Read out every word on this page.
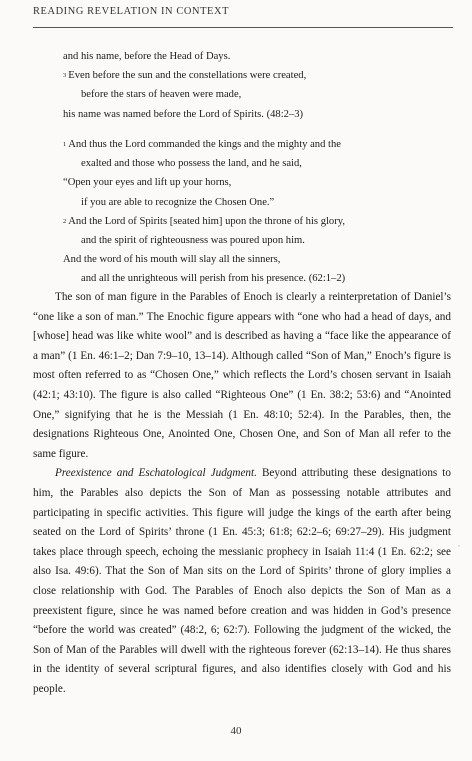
READING REVELATION IN CONTEXT
and his name, before the Head of Days.
$^3$ Even before the sun and the constellations were created,
before the stars of heaven were made,
his name was named before the Lord of Spirits. (48:2–3)
$^1$ And thus the Lord commanded the kings and the mighty and the
exalted and those who possess the land, and he said,
“Open your eyes and lift up your horns,
if you are able to recognize the Chosen One.”
$^2$ And the Lord of Spirits [seated him] upon the throne of his glory,
and the spirit of righteousness was poured upon him.
And the word of his mouth will slay all the sinners,
and all the unrighteous will perish from his presence. (62:1–2)

The son of man figure in the Parables of Enoch is clearly a reinterpretation of Daniel’s “one like a son of man.” The Enochic figure appears with “one who had a head of days, and [whose] head was like white wool” and is described as having a “face like the appearance of a man” (1 En. 46:1–2; Dan 7:9–10, 13–14). Although called “Son of Man,” Enoch’s figure is most often referred to as “Chosen One,” which reflects the Lord’s chosen servant in Isaiah (42:1; 43:10). The figure is also called “Righteous One” (1 En. 38:2; 53:6) and “Anointed One,” signifying that he is the Messiah (1 En. 48:10; 52:4). In the Parables, then, the designations Righteous One, Anointed One, Chosen One, and Son of Man all refer to the same figure.

Preexistence and Eschatological Judgment. Beyond attributing these designations to him, the Parables also depicts the Son of Man as possessing notable attributes and participating in specific activities. This figure will judge the kings of the earth after being seated on the Lord of Spirits’ throne (1 En. 45:3; 61:8; 62:2–6; 69:27–29). His judgment takes place through speech, echoing the messianic prophecy in Isaiah 11:4 (1 En. 62:2; see also Isa. 49:6). That the Son of Man sits on the Lord of Spirits’ throne of glory implies a close relationship with God. The Parables of Enoch also depicts the Son of Man as a preexistent figure, since he was named before creation and was hidden in God’s presence “before the world was created” (48:2, 6; 62:7). Following the judgment of the wicked, the Son of Man of the Parables will dwell with the righteous forever (62:13–14). He thus shares in the identity of several scriptural figures, and also identifies closely with God and his people.

ʻ
40
